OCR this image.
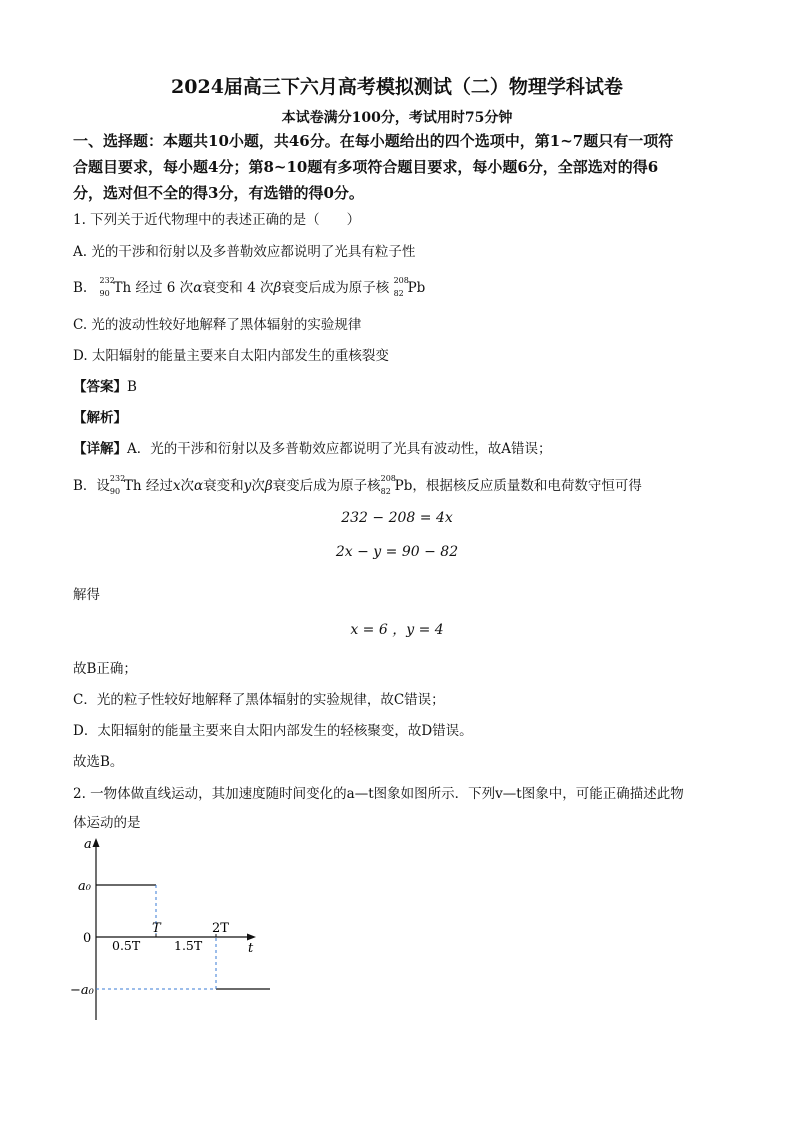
2024届高三下六月高考模拟测试（二）物理学科试卷
本试卷满分100分，考试用时75分钟
一、选择题：本题共10小题，共46分。在每小题给出的四个选项中，第1~7题只有一项符
合题目要求，每小题4分；第8~10题有多项符合题目要求，每小题6分，全部选对的得6
分，选对但不全的得3分，有选错的得0分。
1. 下列关于近代物理中的表述正确的是（　　）
A. 光的干涉和衍射以及多普勒效应都说明了光具有粒子性
B. 232
90 Th 经过 6 次α衰变和 4 次β衰变后成为原子核 208
82 Pb
C. 光的波动性较好地解释了黑体辐射的实验规律
D. 太阳辐射的能量主要来自太阳内部发生的重核裂变
【答案】B
【解析】
【详解】A．光的干涉和衍射以及多普勒效应都说明了光具有波动性，故A错误；
B．设 232
90 Th 经过x次α衰变和y次β衰变后成为原子核 208
82 Pb，根据核反应质量数和电荷数守恒可得
232 − 208 = 4x
2x − y = 90 − 82
解得
x = 6 ，y = 4
故B正确；
C．光的粒子性较好地解释了黑体辐射的实验规律，故C错误；
D．太阳辐射的能量主要来自太阳内部发生的轻核聚变，故D错误。
故选B。
2. 一物体做直线运动，其加速度随时间变化的a—t图象如图所示．下列v—t图象中，可能正确描述此物
体运动的是
a
t
0
a₀
−a₀
0.5T
T
1.5T
2T
